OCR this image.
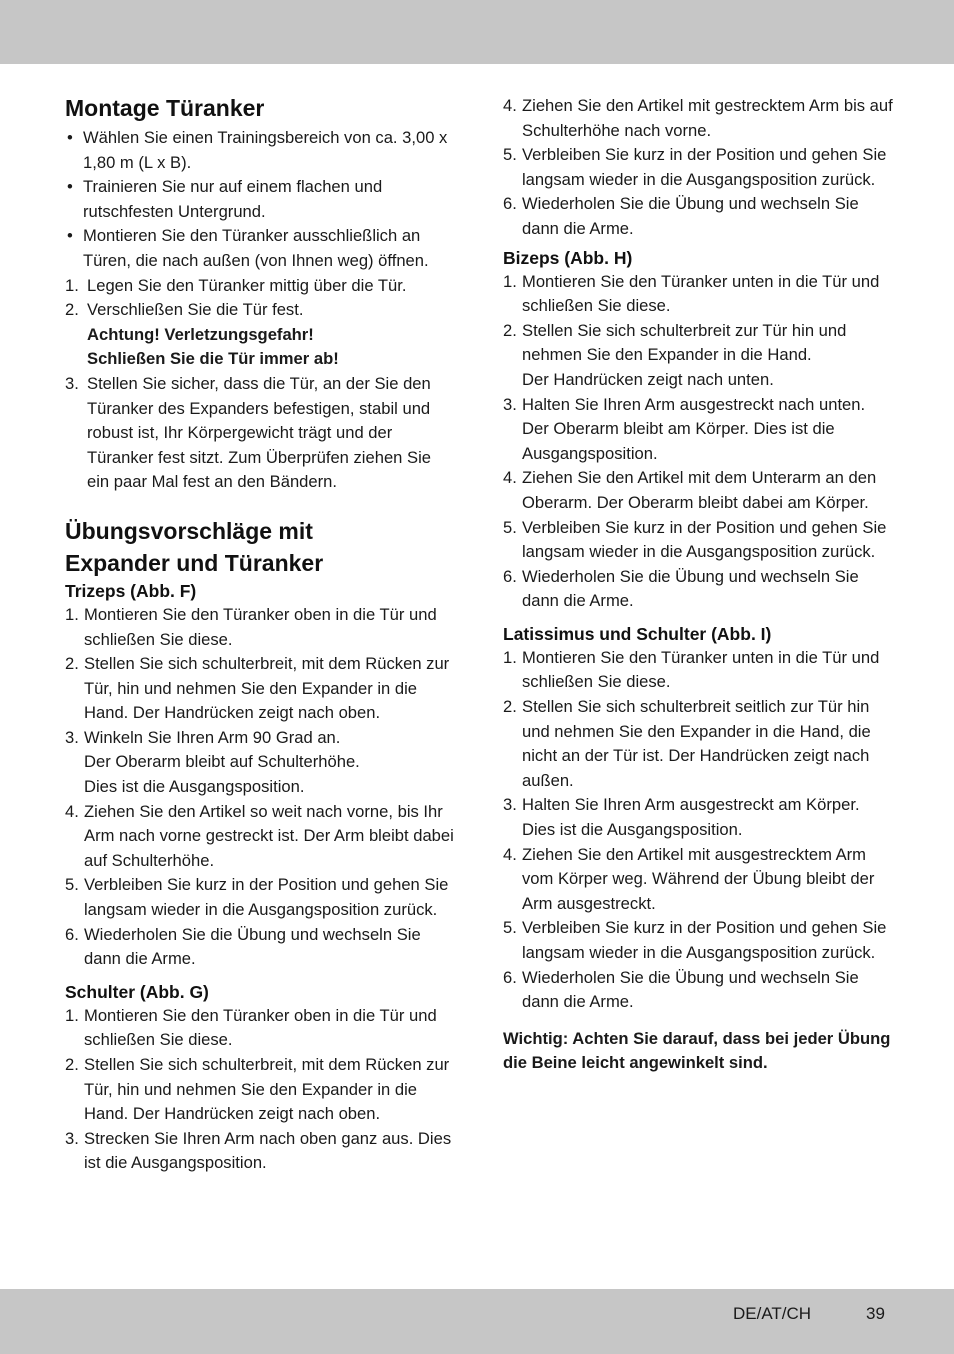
Montage Türanker
• Wählen Sie einen Trainingsbereich von ca. 3,00 x 1,80 m (L x B).
• Trainieren Sie nur auf einem flachen und rutschfesten Untergrund.
• Montieren Sie den Türanker ausschließlich an Türen, die nach außen (von Ihnen weg) öffnen.
1. Legen Sie den Türanker mittig über die Tür.
2. Verschließen Sie die Tür fest.
Achtung! Verletzungsgefahr!
Schließen Sie die Tür immer ab!
3. Stellen Sie sicher, dass die Tür, an der Sie den Türanker des Expanders befestigen, stabil und robust ist, Ihr Körpergewicht trägt und der Türanker fest sitzt. Zum Überprüfen ziehen Sie ein paar Mal fest an den Bändern.
Übungsvorschläge mit
Expander und Türanker
Trizeps (Abb. F)
1. Montieren Sie den Türanker oben in die Tür und schließen Sie diese.
2. Stellen Sie sich schulterbreit, mit dem Rücken zur Tür, hin und nehmen Sie den Expander in die Hand. Der Handrücken zeigt nach oben.
3. Winkeln Sie Ihren Arm 90 Grad an.
Der Oberarm bleibt auf Schulterhöhe.
Dies ist die Ausgangsposition.
4. Ziehen Sie den Artikel so weit nach vorne, bis Ihr Arm nach vorne gestreckt ist. Der Arm bleibt dabei auf Schulterhöhe.
5. Verbleiben Sie kurz in der Position und gehen Sie langsam wieder in die Ausgangsposition zurück.
6. Wiederholen Sie die Übung und wechseln Sie dann die Arme.
Schulter (Abb. G)
1. Montieren Sie den Türanker oben in die Tür und schließen Sie diese.
2. Stellen Sie sich schulterbreit, mit dem Rücken zur Tür, hin und nehmen Sie den Expander in die Hand. Der Handrücken zeigt nach oben.
3. Strecken Sie Ihren Arm nach oben ganz aus. Dies ist die Ausgangsposition.
4. Ziehen Sie den Artikel mit gestrecktem Arm bis auf Schulterhöhe nach vorne.
5. Verbleiben Sie kurz in der Position und gehen Sie langsam wieder in die Ausgangsposition zurück.
6. Wiederholen Sie die Übung und wechseln Sie dann die Arme.
Bizeps (Abb. H)
1. Montieren Sie den Türanker unten in die Tür und schließen Sie diese.
2. Stellen Sie sich schulterbreit zur Tür hin und nehmen Sie den Expander in die Hand.
Der Handrücken zeigt nach unten.
3. Halten Sie Ihren Arm ausgestreckt nach unten. Der Oberarm bleibt am Körper. Dies ist die Ausgangsposition.
4. Ziehen Sie den Artikel mit dem Unterarm an den Oberarm. Der Oberarm bleibt dabei am Körper.
5. Verbleiben Sie kurz in der Position und gehen Sie langsam wieder in die Ausgangsposition zurück.
6. Wiederholen Sie die Übung und wechseln Sie dann die Arme.
Latissimus und Schulter (Abb. I)
1. Montieren Sie den Türanker unten in die Tür und schließen Sie diese.
2. Stellen Sie sich schulterbreit seitlich zur Tür hin und nehmen Sie den Expander in die Hand, die nicht an der Tür ist. Der Handrücken zeigt nach außen.
3. Halten Sie Ihren Arm ausgestreckt am Körper. Dies ist die Ausgangsposition.
4. Ziehen Sie den Artikel mit ausgestrecktem Arm vom Körper weg. Während der Übung bleibt der Arm ausgestreckt.
5. Verbleiben Sie kurz in der Position und gehen Sie langsam wieder in die Ausgangsposition zurück.
6. Wiederholen Sie die Übung und wechseln Sie dann die Arme.

Wichtig: Achten Sie darauf, dass bei jeder Übung die Beine leicht angewinkelt sind.

DE/AT/CH	39
